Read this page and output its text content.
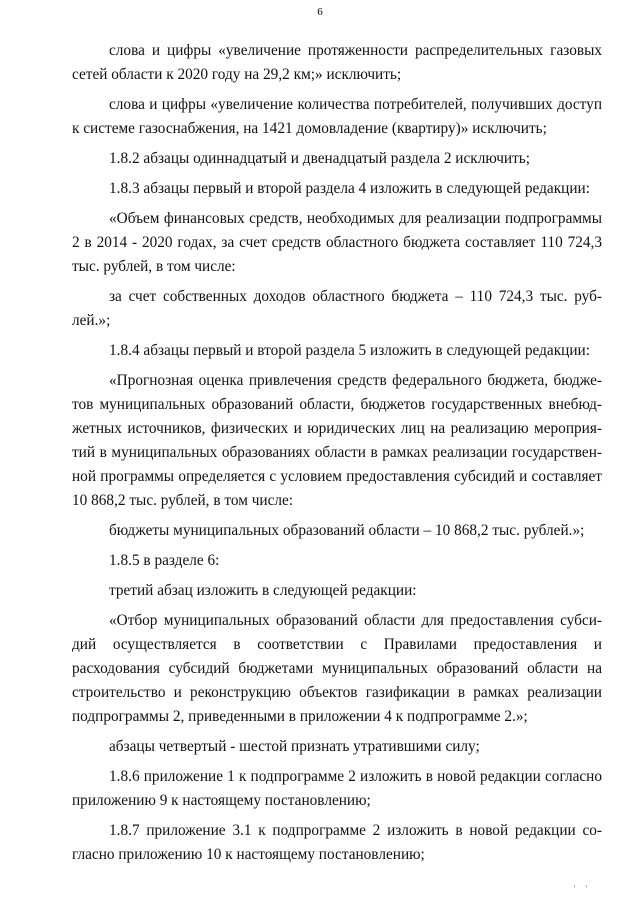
6

слова и цифры «увеличение протяженности распределительных газовых сетей области к 2020 году на 29,2 км;» исключить;

слова и цифры «увеличение количества потребителей, получивших доступ к системе газоснабжения, на 1421 домовладение (квартиру)» исключить;

1.8.2 абзацы одиннадцатый и двенадцатый раздела 2 исключить;

1.8.3 абзацы первый и второй раздела 4 изложить в следующей редакции:

«Объем финансовых средств, необходимых для реализации подпрограммы 2 в 2014 - 2020 годах, за счет средств областного бюджета составляет 110 724,3 тыс. рублей, в том числе:

за счет собственных доходов областного бюджета – 110 724,3 тыс. рублей.»;

1.8.4 абзацы первый и второй раздела 5 изложить в следующей редакции:

«Прогнозная оценка привлечения средств федерального бюджета, бюджетов муниципальных образований области, бюджетов государственных внебюджетных источников, физических и юридических лиц на реализацию мероприятий в муниципальных образованиях области в рамках реализации государственной программы определяется с условием предоставления субсидий и составляет 10 868,2 тыс. рублей, в том числе:

бюджеты муниципальных образований области – 10 868,2 тыс. рублей.»;

1.8.5 в разделе 6:

третий абзац изложить в следующей редакции:

«Отбор муниципальных образований области для предоставления субсидий осуществляется в соответствии с Правилами предоставления и расходования субсидий бюджетами муниципальных образований области на строительство и реконструкцию объектов газификации в рамках реализации подпрограммы 2, приведенными в приложении 4 к подпрограмме 2.»;

абзацы четвертый - шестой признать утратившими силу;

1.8.6 приложение 1 к подпрограмме 2 изложить в новой редакции согласно приложению 9 к настоящему постановлению;

1.8.7 приложение 3.1 к подпрограмме 2 изложить в новой редакции согласно приложению 10 к настоящему постановлению;

' '
